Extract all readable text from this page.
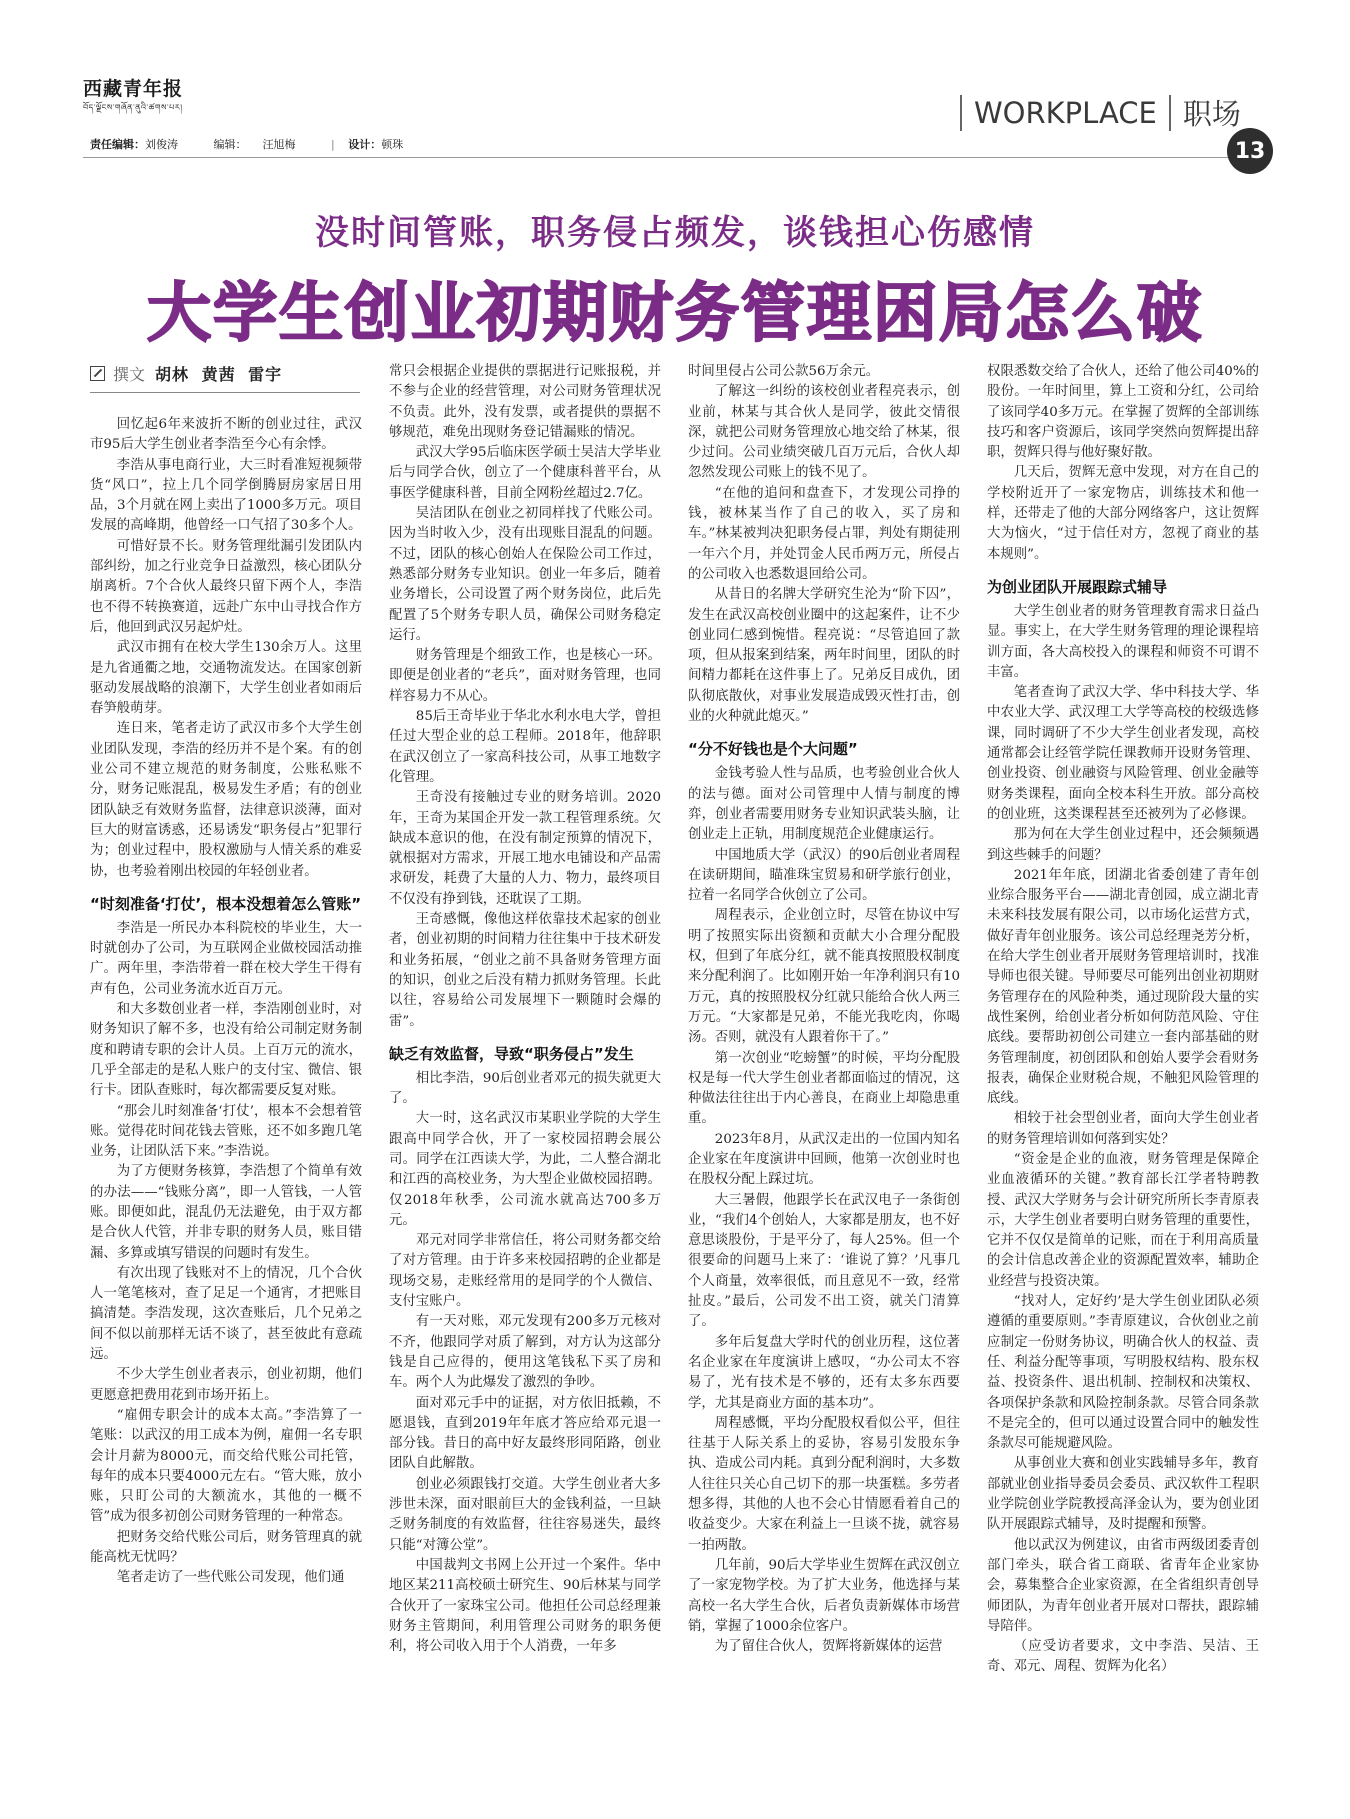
西藏青年报
བོད་ལྗོངས་གཞོན་ནུའི་ཚགས་པར།
责任编辑：刘俊涛	编辑： 汪旭梅	| 设计：顿珠
WORKPLACE 职场
13
没时间管账，职务侵占频发，谈钱担心伤感情
大学生创业初期财务管理困局怎么破
撰文 胡林 黄茜 雷宇

回忆起6年来波折不断的创业过往，武汉市95后大学生创业者李浩至今心有余悸。

李浩从事电商行业，大三时看准短视频带货“风口”，拉上几个同学倒腾厨房家居日用品，3个月就在网上卖出了1000多万元。项目发展的高峰期，他曾经一口气招了30多个人。

可惜好景不长。财务管理纰漏引发团队内部纠纷，加之行业竞争日益激烈，核心团队分崩离析。7个合伙人最终只留下两个人，李浩也不得不转换赛道，远赴广东中山寻找合作方后，他回到武汉另起炉灶。

武汉市拥有在校大学生130余万人。这里是九省通衢之地，交通物流发达。在国家创新驱动发展战略的浪潮下，大学生创业者如雨后春笋般萌芽。

连日来，笔者走访了武汉市多个大学生创业团队发现，李浩的经历并不是个案。有的创业公司不建立规范的财务制度，公账私账不分，财务记账混乱，极易发生矛盾；有的创业团队缺乏有效财务监督，法律意识淡薄，面对巨大的财富诱惑，还易诱发“职务侵占”犯罪行为；创业过程中，股权激励与人情关系的难妥协，也考验着刚出校园的年轻创业者。

“时刻准备‘打仗’，根本没想着怎么管账”

李浩是一所民办本科院校的毕业生，大一时就创办了公司，为互联网企业做校园活动推广。两年里，李浩带着一群在校大学生干得有声有色，公司业务流水近百万元。

和大多数创业者一样，李浩刚创业时，对财务知识了解不多，也没有给公司制定财务制度和聘请专职的会计人员。上百万元的流水，几乎全部走的是私人账户的支付宝、微信、银行卡。团队查账时，每次都需要反复对账。

“那会儿时刻准备‘打仗’，根本不会想着管账。觉得花时间花钱去管账，还不如多跑几笔业务，让团队活下来。”李浩说。

为了方便财务核算，李浩想了个简单有效的办法——“钱账分离”，即一人管钱，一人管账。即便如此，混乱仍无法避免，由于双方都是合伙人代管，并非专职的财务人员，账目错漏、多算或填写错误的问题时有发生。

有次出现了钱账对不上的情况，几个合伙人一笔笔核对，查了足足一个通宵，才把账目搞清楚。李浩发现，这次查账后，几个兄弟之间不似以前那样无话不谈了，甚至彼此有意疏远。

不少大学生创业者表示，创业初期，他们更愿意把费用花到市场开拓上。

“雇佣专职会计的成本太高。”李浩算了一笔账：以武汉的用工成本为例，雇佣一名专职会计月薪为8000元，而交给代账公司托管，每年的成本只要4000元左右。“管大账，放小账，只盯公司的大额流水，其他的一概不管”成为很多初创公司财务管理的一种常态。

把财务交给代账公司后，财务管理真的就能高枕无忧吗？

笔者走访了一些代账公司发现，他们通

常只会根据企业提供的票据进行记账报税，并不参与企业的经营管理，对公司财务管理状况不负责。此外，没有发票，或者提供的票据不够规范，难免出现财务登记错漏账的情况。

武汉大学95后临床医学硕士吴洁大学毕业后与同学合伙，创立了一个健康科普平台，从事医学健康科普，目前全网粉丝超过2.7亿。

吴洁团队在创业之初同样找了代账公司。因为当时收入少，没有出现账目混乱的问题。不过，团队的核心创始人在保险公司工作过，熟悉部分财务专业知识。创业一年多后，随着业务增长，公司设置了两个财务岗位，此后先配置了5个财务专职人员，确保公司财务稳定运行。

财务管理是个细致工作，也是核心一环。即便是创业者的“老兵”，面对财务管理，也同样容易力不从心。

85后王奇毕业于华北水利水电大学，曾担任过大型企业的总工程师。2018年，他辞职在武汉创立了一家高科技公司，从事工地数字化管理。

王奇没有接触过专业的财务培训。2020年，王奇为某国企开发一款工程管理系统。欠缺成本意识的他，在没有制定预算的情况下，就根据对方需求，开展工地水电铺设和产品需求研发，耗费了大量的人力、物力，最终项目不仅没有挣到钱，还耽误了工期。

王奇感慨，像他这样依靠技术起家的创业者，创业初期的时间精力往往集中于技术研发和业务拓展，“创业之前不具备财务管理方面的知识，创业之后没有精力抓财务管理。长此以往，容易给公司发展埋下一颗随时会爆的雷”。

缺乏有效监督，导致“职务侵占”发生

相比李浩，90后创业者邓元的损失就更大了。

大一时，这名武汉市某职业学院的大学生跟高中同学合伙，开了一家校园招聘会展公司。同学在江西读大学，为此，二人整合湖北和江西的高校业务，为大型企业做校园招聘。仅2018年秋季，公司流水就高达700多万元。

邓元对同学非常信任，将公司财务都交给了对方管理。由于许多来校园招聘的企业都是现场交易，走账经常用的是同学的个人微信、支付宝账户。

有一天对账，邓元发现有200多万元核对不齐，他跟同学对质了解到，对方认为这部分钱是自己应得的，便用这笔钱私下买了房和车。两个人为此爆发了激烈的争吵。

面对邓元手中的证据，对方依旧抵赖，不愿退钱，直到2019年年底才答应给邓元退一部分钱。昔日的高中好友最终形同陌路，创业团队自此解散。

创业必须跟钱打交道。大学生创业者大多涉世未深，面对眼前巨大的金钱利益，一旦缺乏财务制度的有效监督，往往容易迷失，最终只能“对簿公堂”。

中国裁判文书网上公开过一个案件。华中地区某211高校硕士研究生、90后林某与同学合伙开了一家珠宝公司。他担任公司总经理兼财务主管期间，利用管理公司财务的职务便利，将公司收入用于个人消费，一年多

时间里侵占公司公款56万余元。

了解这一纠纷的该校创业者程亮表示，创业前，林某与其合伙人是同学，彼此交情很深，就把公司财务管理放心地交给了林某，很少过问。公司业绩突破几百万元后，合伙人却忽然发现公司账上的钱不见了。

“在他的追问和盘查下，才发现公司挣的钱，被林某当作了自己的收入，买了房和车。”林某被判决犯职务侵占罪，判处有期徒刑一年六个月，并处罚金人民币两万元，所侵占的公司收入也悉数退回给公司。

从昔日的名牌大学研究生沦为“阶下囚”，发生在武汉高校创业圈中的这起案件，让不少创业同仁感到惋惜。程亮说：“尽管追回了款项，但从报案到结案，两年时间里，团队的时间精力都耗在这件事上了。兄弟反目成仇，团队彻底散伙，对事业发展造成毁灭性打击，创业的火种就此熄灭。”

“分不好钱也是个大问题”

金钱考验人性与品质，也考验创业合伙人的法与德。面对公司管理中人情与制度的博弈，创业者需要用财务专业知识武装头脑，让创业走上正轨，用制度规范企业健康运行。

中国地质大学（武汉）的90后创业者周程在读研期间，瞄准珠宝贸易和研学旅行创业，拉着一名同学合伙创立了公司。

周程表示，企业创立时，尽管在协议中写明了按照实际出资额和贡献大小合理分配股权，但到了年底分红，就不能真按照股权制度来分配利润了。比如刚开始一年净利润只有10万元，真的按照股权分红就只能给合伙人两三万元。“大家都是兄弟，不能光我吃肉，你喝汤。否则，就没有人跟着你干了。”

第一次创业“吃螃蟹”的时候，平均分配股权是每一代大学生创业者都面临过的情况，这种做法往往出于内心善良，在商业上却隐患重重。

2023年8月，从武汉走出的一位国内知名企业家在年度演讲中回顾，他第一次创业时也在股权分配上踩过坑。

大三暑假，他跟学长在武汉电子一条街创业，“我们4个创始人，大家都是朋友，也不好意思谈股份，于是平分了，每人25%。但一个很要命的问题马上来了：‘谁说了算？’凡事几个人商量，效率很低，而且意见不一致，经常扯皮。”最后，公司发不出工资，就关门清算了。

多年后复盘大学时代的创业历程，这位著名企业家在年度演讲上感叹，“办公司太不容易了，光有技术是不够的，还有太多东西要学，尤其是商业方面的基本功”。

周程感慨，平均分配股权看似公平，但往往基于人际关系上的妥协，容易引发股东争执、造成公司内耗。真到分配利润时，大多数人往往只关心自己切下的那一块蛋糕。多劳者想多得，其他的人也不会心甘情愿看着自己的收益变少。大家在利益上一旦谈不拢，就容易一拍两散。

几年前，90后大学毕业生贺辉在武汉创立了一家宠物学校。为了扩大业务，他选择与某高校一名大学生合伙，后者负责新媒体市场营销，掌握了1000余位客户。

为了留住合伙人，贺辉将新媒体的运营

权限悉数交给了合伙人，还给了他公司40%的股份。一年时间里，算上工资和分红，公司给了该同学40多万元。在掌握了贺辉的全部训练技巧和客户资源后，该同学突然向贺辉提出辞职，贺辉只得与他好聚好散。

几天后，贺辉无意中发现，对方在自己的学校附近开了一家宠物店，训练技术和他一样，还带走了他的大部分网络客户，这让贺辉大为恼火，“过于信任对方，忽视了商业的基本规则”。

为创业团队开展跟踪式辅导

大学生创业者的财务管理教育需求日益凸显。事实上，在大学生财务管理的理论课程培训方面，各大高校投入的课程和师资不可谓不丰富。

笔者查询了武汉大学、华中科技大学、华中农业大学、武汉理工大学等高校的校级选修课，同时调研了不少大学生创业者发现，高校通常都会让经管学院任课教师开设财务管理、创业投资、创业融资与风险管理、创业金融等财务类课程，面向全校本科生开放。部分高校的创业班，这类课程甚至还被列为了必修课。

那为何在大学生创业过程中，还会频频遇到这些棘手的问题？

2021年年底，团湖北省委创建了青年创业综合服务平台——湖北青创园，成立湖北青未来科技发展有限公司，以市场化运营方式，做好青年创业服务。该公司总经理尧芳分析，在给大学生创业者开展财务管理培训时，找准导师也很关键。导师要尽可能列出创业初期财务管理存在的风险种类，通过现阶段大量的实战性案例，给创业者分析如何防范风险、守住底线。要帮助初创公司建立一套内部基础的财务管理制度，初创团队和创始人要学会看财务报表，确保企业财税合规，不触犯风险管理的底线。

相较于社会型创业者，面向大学生创业者的财务管理培训如何落到实处？

“资金是企业的血液，财务管理是保障企业血液循环的关键。”教育部长江学者特聘教授、武汉大学财务与会计研究所所长李青原表示，大学生创业者要明白财务管理的重要性，它并不仅仅是简单的记账，而在于利用高质量的会计信息改善企业的资源配置效率，辅助企业经营与投资决策。

“找对人，定好约’是大学生创业团队必须遵循的重要原则。”李青原建议，合伙创业之前应制定一份财务协议，明确合伙人的权益、责任、利益分配等事项，写明股权结构、股东权益、投资条件、退出机制、控制权和决策权、各项保护条款和风险控制条款。尽管合同条款不是完全的，但可以通过设置合同中的触发性条款尽可能规避风险。

从事创业大赛和创业实践辅导多年，教育部就业创业指导委员会委员、武汉软件工程职业学院创业学院教授高泽金认为，要为创业团队开展跟踪式辅导，及时提醒和预警。

他以武汉为例建议，由省市两级团委青创部门牵头，联合省工商联、省青年企业家协会，募集整合企业家资源，在全省组织青创导师团队，为青年创业者开展对口帮扶，跟踪辅导陪伴。

（应受访者要求，文中李浩、吴洁、王奇、邓元、周程、贺辉为化名）
